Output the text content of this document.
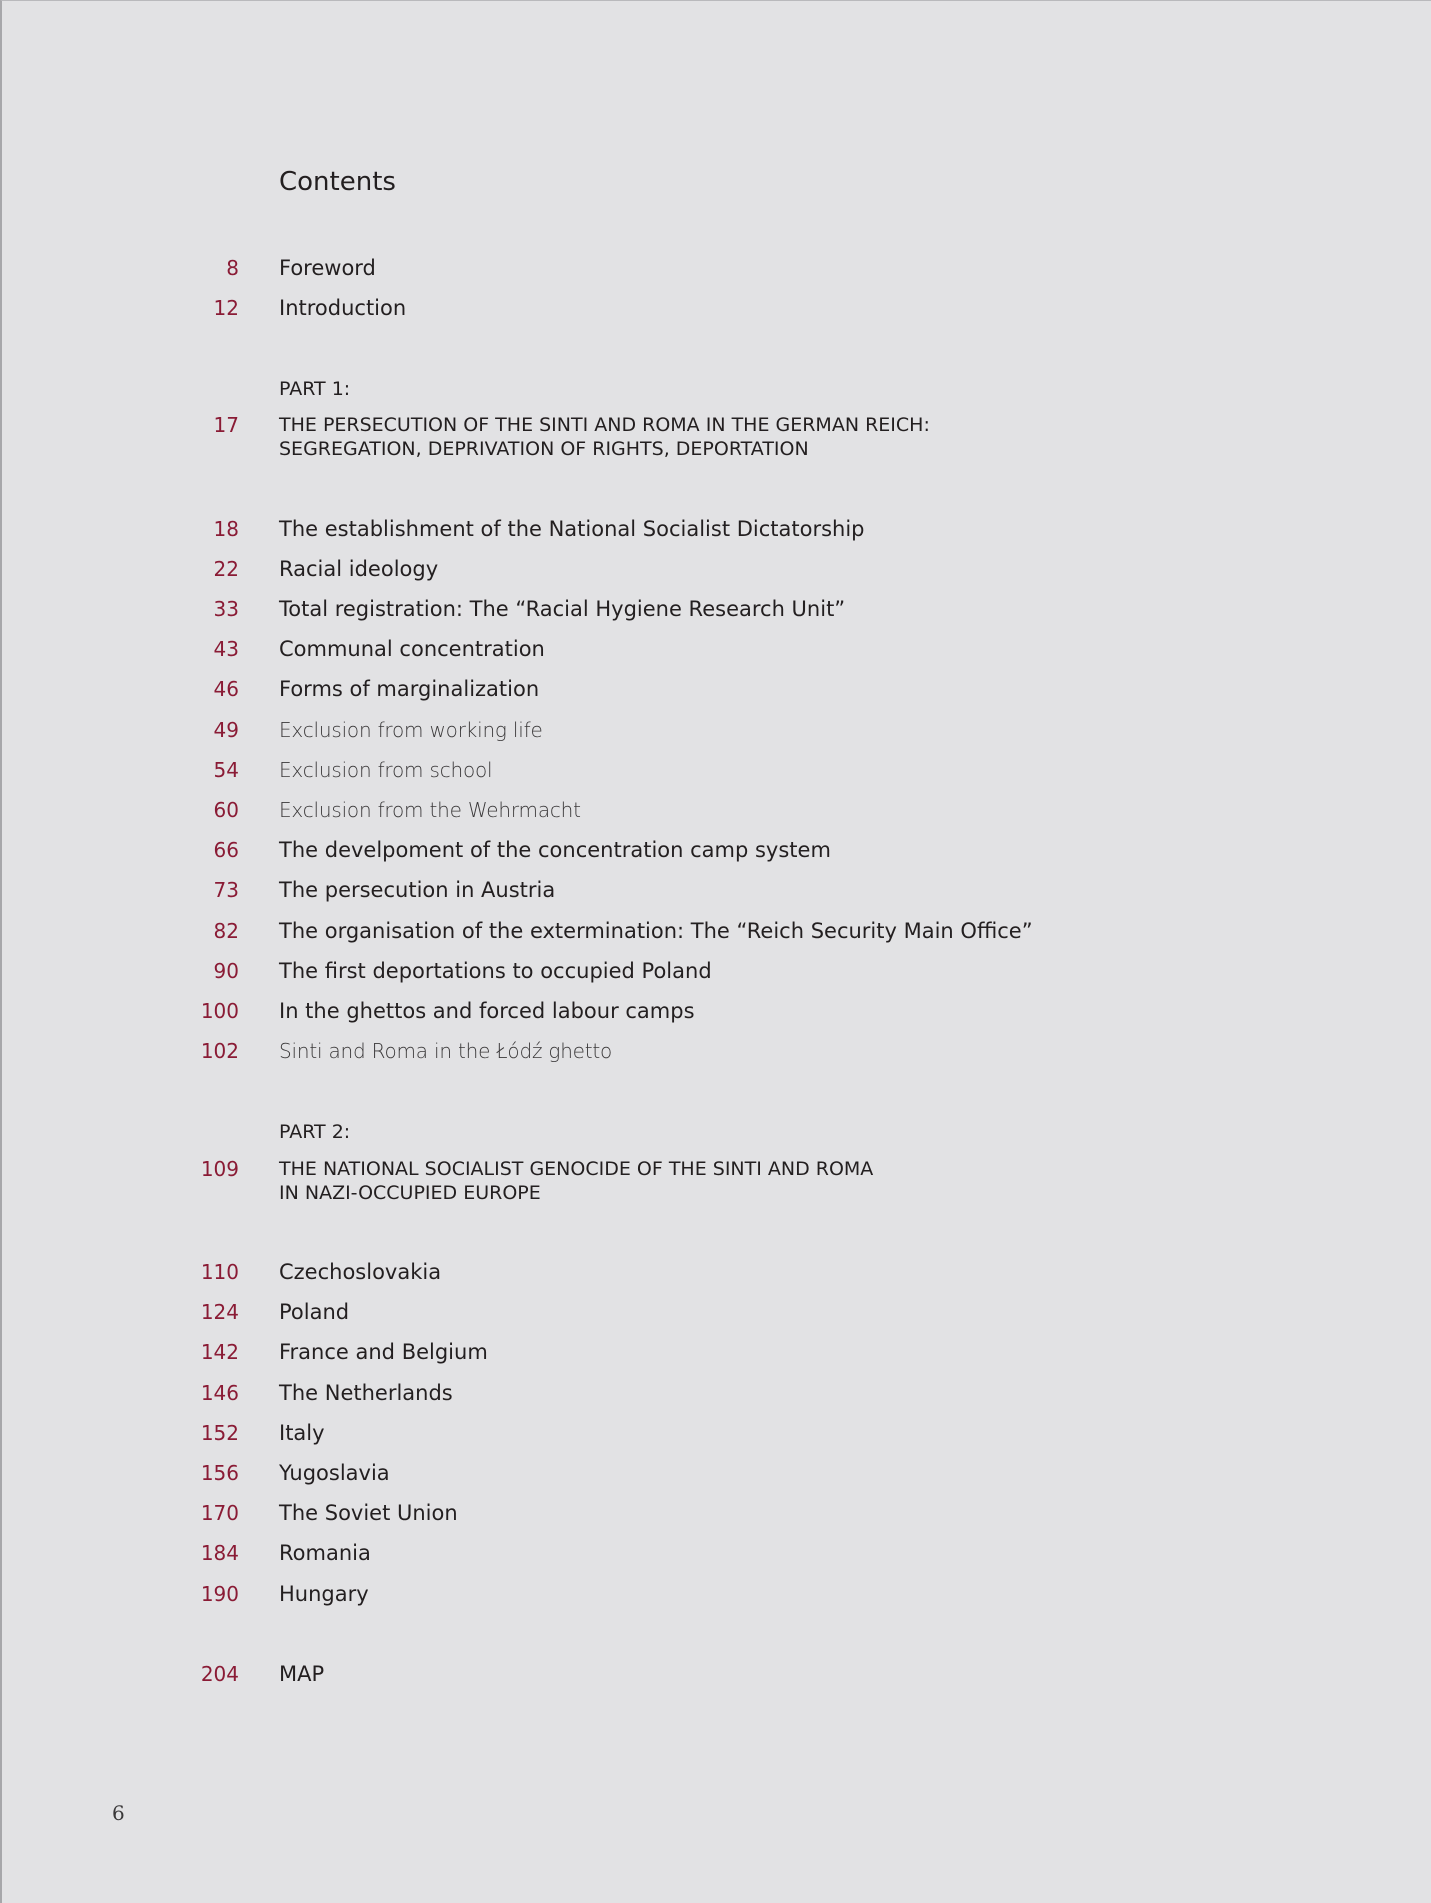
Contents
8 Foreword
12 Introduction
PART 1:
17 THE PERSECUTION OF THE SINTI AND ROMA IN THE GERMAN REICH:
SEGREGATION, DEPRIVATION OF RIGHTS, DEPORTATION
18 The establishment of the National Socialist Dictatorship
22 Racial ideology
33 Total registration: The “Racial Hygiene Research Unit”
43 Communal concentration
46 Forms of marginalization
49 Exclusion from working life
54 Exclusion from school
60 Exclusion from the Wehrmacht
66 The develpoment of the concentration camp system
73 The persecution in Austria
82 The organisation of the extermination: The “Reich Security Main Office”
90 The first deportations to occupied Poland
100 In the ghettos and forced labour camps
102 Sinti and Roma in the Łódź ghetto
PART 2:
109 THE NATIONAL SOCIALIST GENOCIDE OF THE SINTI AND ROMA
IN NAZI-OCCUPIED EUROPE
110 Czechoslovakia
124 Poland
142 France and Belgium
146 The Netherlands
152 Italy
156 Yugoslavia
170 The Soviet Union
184 Romania
190 Hungary
204 MAP
6
